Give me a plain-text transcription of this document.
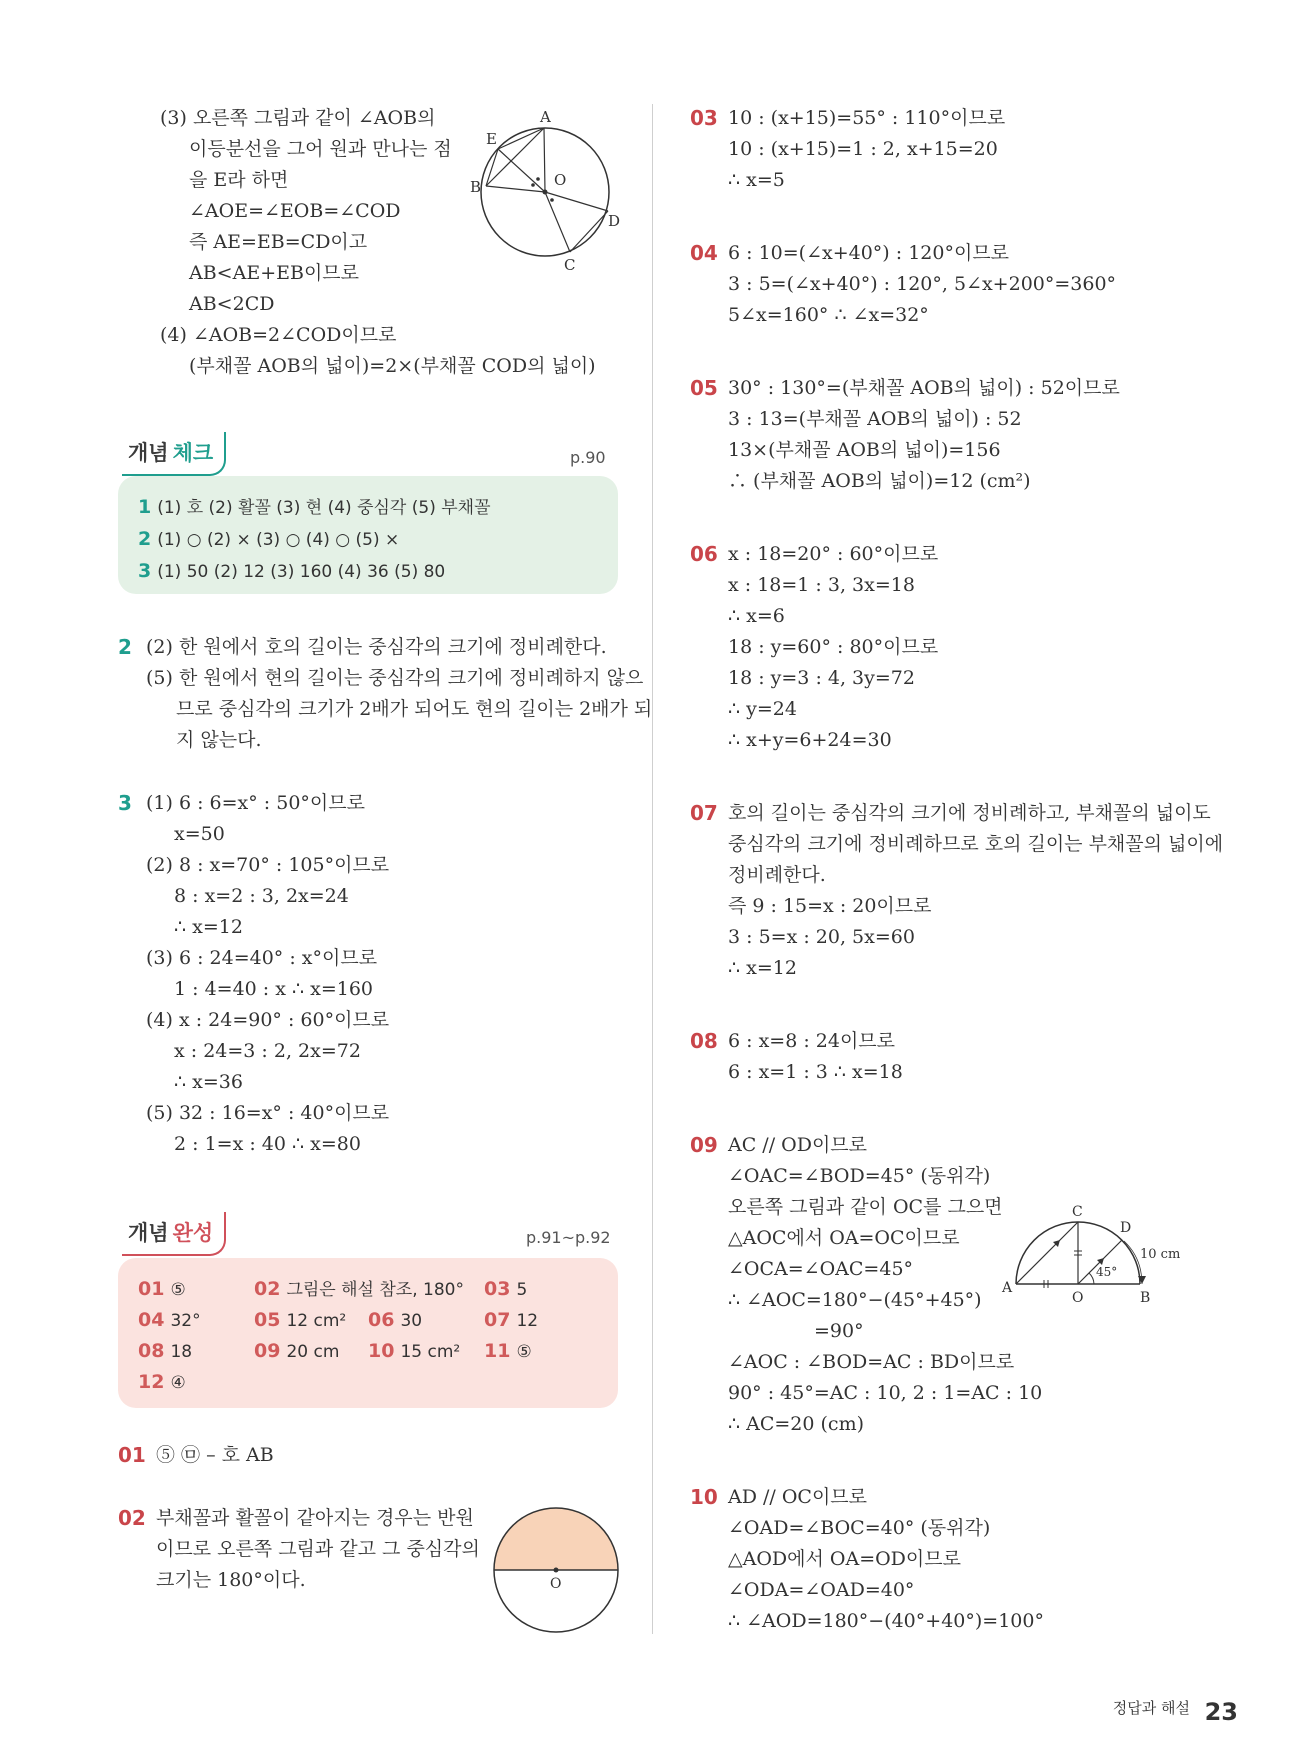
(3) 오른쪽 그림과 같이 ∠AOB의
이등분선을 그어 원과 만나는 점
을 E라 하면
∠AOE=∠EOB=∠COD
즉 AE=EB=CD이고
AB<AE+EB이므로
AB<2CD
(4) ∠AOB=2∠COD이므로
(부채꼴 AOB의 넓이)=2×(부채꼴 COD의 넓이)
A
E
B	O
D
C
개념 체크	p.90
1 (1) 호 (2) 활꼴 (3) 현 (4) 중심각 (5) 부채꼴
2 (1) ○ (2) × (3) ○ (4) ○ (5) ×
3 (1) 50 (2) 12 (3) 160 (4) 36 (5) 80
2 (2) 한 원에서 호의 길이는 중심각의 크기에 정비례한다.
(5) 한 원에서 현의 길이는 중심각의 크기에 정비례하지 않으
므로 중심각의 크기가 2배가 되어도 현의 길이는 2배가 되
지 않는다.
3 (1) 6 : 6=x° : 50°이므로
x=50
(2) 8 : x=70° : 105°이므로
8 : x=2 : 3, 2x=24
∴ x=12
(3) 6 : 24=40° : x°이므로
1 : 4=40 : x ∴ x=160
(4) x : 24=90° : 60°이므로
x : 24=3 : 2, 2x=72
∴ x=36
(5) 32 : 16=x° : 40°이므로
2 : 1=x : 40 ∴ x=80
개념 완성	p.91~p.92
01 ⑤	02 그림은 해설 참조, 180° 03 5
04 32°	05 12 cm² 06 30	07 12
08 18	09 20 cm 10 15 cm² 11 ⑤
12 ④
01 ⑤ ㉤ – 호 AB
02 부채꼴과 활꼴이 같아지는 경우는 반원
이므로 오른쪽 그림과 같고 그 중심각의
크기는 180°이다.	O
03 10 : (x+15)=55° : 110°이므로
10 : (x+15)=1 : 2, x+15=20
∴ x=5
04 6 : 10=(∠x+40°) : 120°이므로
3 : 5=(∠x+40°) : 120°, 5∠x+200°=360°
5∠x=160° ∴ ∠x=32°
05 30° : 130°=(부채꼴 AOB의 넓이) : 52이므로
3 : 13=(부채꼴 AOB의 넓이) : 52
13×(부채꼴 AOB의 넓이)=156
∴ (부채꼴 AOB의 넓이)=12 (cm²)
06 x : 18=20° : 60°이므로
x : 18=1 : 3, 3x=18
∴ x=6
18 : y=60° : 80°이므로
18 : y=3 : 4, 3y=72
∴ y=24
∴ x+y=6+24=30
07 호의 길이는 중심각의 크기에 정비례하고, 부채꼴의 넓이도
중심각의 크기에 정비례하므로 호의 길이는 부채꼴의 넓이에
정비례한다.
즉 9 : 15=x : 20이므로
3 : 5=x : 20, 5x=60
∴ x=12
08 6 : x=8 : 24이므로
6 : x=1 : 3 ∴ x=18
09 AC // OD이므로
∠OAC=∠BOD=45° (동위각)
오른쪽 그림과 같이 OC를 그으면
△AOC에서 OA=OC이므로
∠OCA=∠OAC=45°
∴ ∠AOC=180°−(45°+45°)
=90°
∠AOC : ∠BOD=AC : BD이므로
90° : 45°=AC : 10, 2 : 1=AC : 10
∴ AC=20 (cm)
A
O	B
C
D
10 cm
45°
10 AD // OC이므로
∠OAD=∠BOC=40° (동위각)
△AOD에서 OA=OD이므로
∠ODA=∠OAD=40°
∴ ∠AOD=180°−(40°+40°)=100°
정답과 해설 23
